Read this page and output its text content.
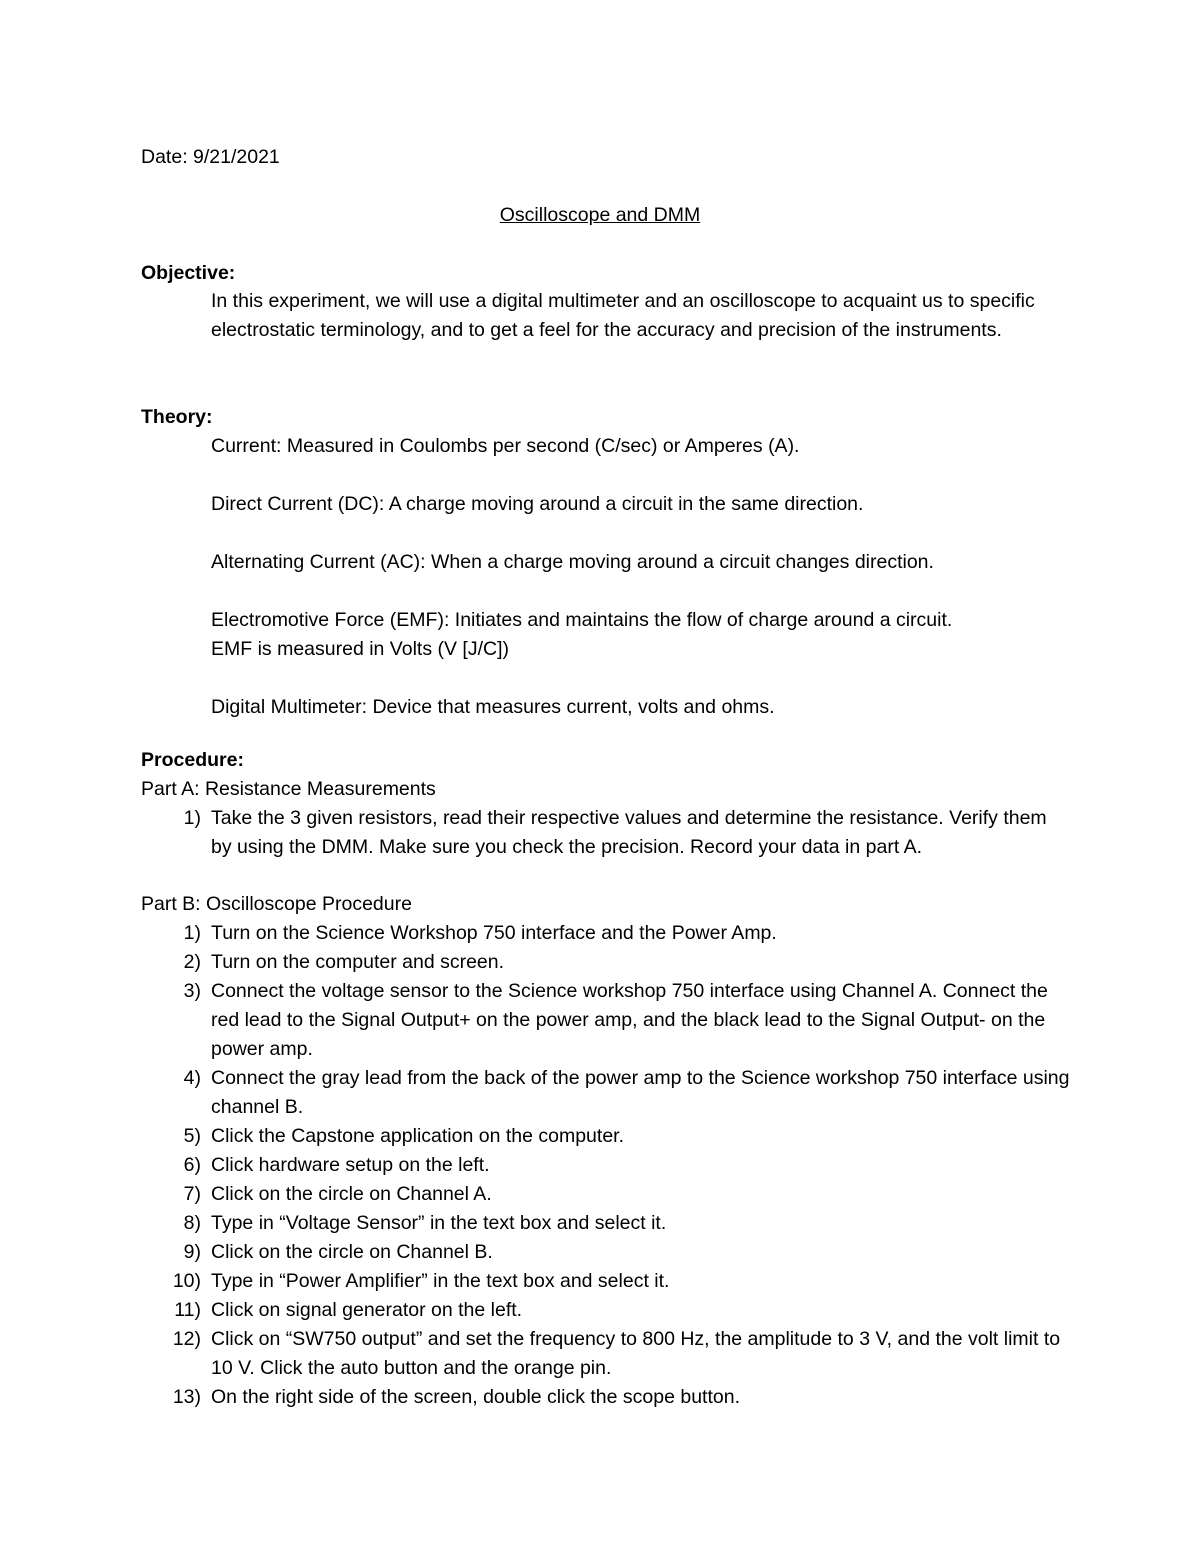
Date: 9/21/2021
Oscilloscope and DMM
Objective:
In this experiment, we will use a digital multimeter and an oscilloscope to acquaint us to specific electrostatic terminology, and to get a feel for the accuracy and precision of the instruments.
Theory:

Current: Measured in Coulombs per second (C/sec) or Amperes (A).

Direct Current (DC): A charge moving around a circuit in the same direction.

Alternating Current (AC): When a charge moving around a circuit changes direction.

Electromotive Force (EMF): Initiates and maintains the flow of charge around a circuit.

EMF is measured in Volts (V [J/C])

Digital Multimeter: Device that measures current, volts and ohms.

Procedure:
Part A: Resistance Measurements
1) Take the 3 given resistors, read their respective values and determine the resistance. Verify them by using the DMM. Make sure you check the precision. Record your data in part A.
Part B: Oscilloscope Procedure
1) Turn on the Science Workshop 750 interface and the Power Amp.
2) Turn on the computer and screen.
3) Connect the voltage sensor to the Science workshop 750 interface using Channel A. Connect the red lead to the Signal Output+ on the power amp, and the black lead to the Signal Output- on the power amp.
4) Connect the gray lead from the back of the power amp to the Science workshop 750 interface using channel B.
5) Click the Capstone application on the computer.
6) Click hardware setup on the left.
7) Click on the circle on Channel A.
8) Type in “Voltage Sensor” in the text box and select it.
9) Click on the circle on Channel B.
10) Type in “Power Amplifier” in the text box and select it.
11) Click on signal generator on the left.
12) Click on “SW750 output” and set the frequency to 800 Hz, the amplitude to 3 V, and the volt limit to 10 V. Click the auto button and the orange pin.
13) On the right side of the screen, double click the scope button.
